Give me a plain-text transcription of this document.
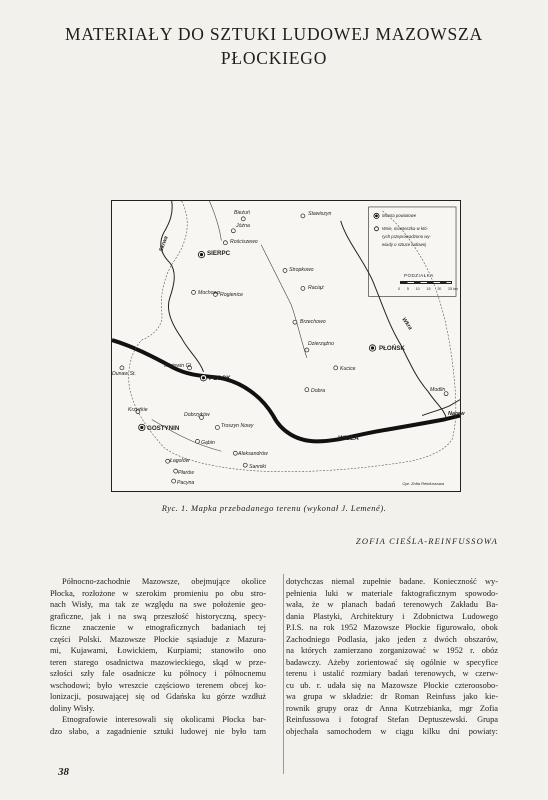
MATERIAŁY DO SZTUKI LUDOWEJ MAZOWSZA
PŁOCKIEGO
Bieżuń	Stawiszyn
Jóżna
Rościszewo
SIERPC
Stropkowo
Raciąż
Mochowo Rogienice
Brzechowo
Dzierząźno
PŁOŃSK
Kucice
Mistewin Gł.
PŁOCK
Dobra
Dunaw St.
Krzyżkie
Dobrzyków
Troszyn Nowy
GOSTYNIN
Gąbin
Łagolów
Aleksandrów
Sanniki
Płarów
Pacyna
Modlin
WISŁA
Skrwa
Wkra
Narew
Miasta powiatowe
Wsie, miasteczka w któ-
rych przeprowadzono wy-
wiady o sztuce ludowej
PODZIAŁKA
0 5 10 15 20 25 km
Opr. Zofia Reinfussowa
Ryc. 1. Mapka przebadanego terenu (wykonał J. Lemené).
ZOFIA CIEŚLA-REINFUSSOWA
Północno-zachodnie Mazowsze, obejmujące okolice
Płocka, rozłożone w szerokim promieniu po obu stro-
nach Wisły, ma tak ze względu na swe położenie geo-
graficzne, jak i na swą przeszłość historyczną, specy-
ficzne znaczenie w etnograficznych badaniach tej
części Polski. Mazowsze Płockie sąsiaduje z Mazura-
mi, Kujawami, Łowickiem, Kurpiami; stanowiło ono
teren starego osadnictwa mazowieckiego, skąd w prze-
szłości szły fale osadnicze ku północy i północnemu
wschodowi; było wreszcie częściowo terenem obcej ko-
lonizacji, posuwającej się od Gdańska ku górze wzdłuż
doliny Wisły.
Etnografowie interesowali się okolicami Płocka bar-
dzo słabo, a zagadnienie sztuki ludowej nie było tam
dotychczas niemal zupełnie badane. Konieczność wy-
pełnienia luki w materiale faktograficznym spowodo-
wała, że w planach badań terenowych Zakładu Ba-
dania Plastyki, Architektury i Zdobnictwa Ludowego
P.I.S. na rok 1952 Mazowsze Płockie figurowało, obok
Zachodniego Podlasia, jako jeden z dwóch obszarów,
na których zamierzano zorganizować w 1952 r. obóz
badawczy. Ażeby zorientować się ogólnie w specyfice
terenu i ustalić rozmiary badań terenowych, w czerw-
cu ub. r. udała się na Mazowsze Płockie czteroosobo-
wa grupa w składzie: dr Roman Reinfuss jako kie-
rownik grupy oraz dr Anna Kutrzebianka, mgr Zofia
Reinfussowa i fotograf Stefan Deptuszewski. Grupa
objechała samochodem w ciągu kilku dni powiaty:
38
